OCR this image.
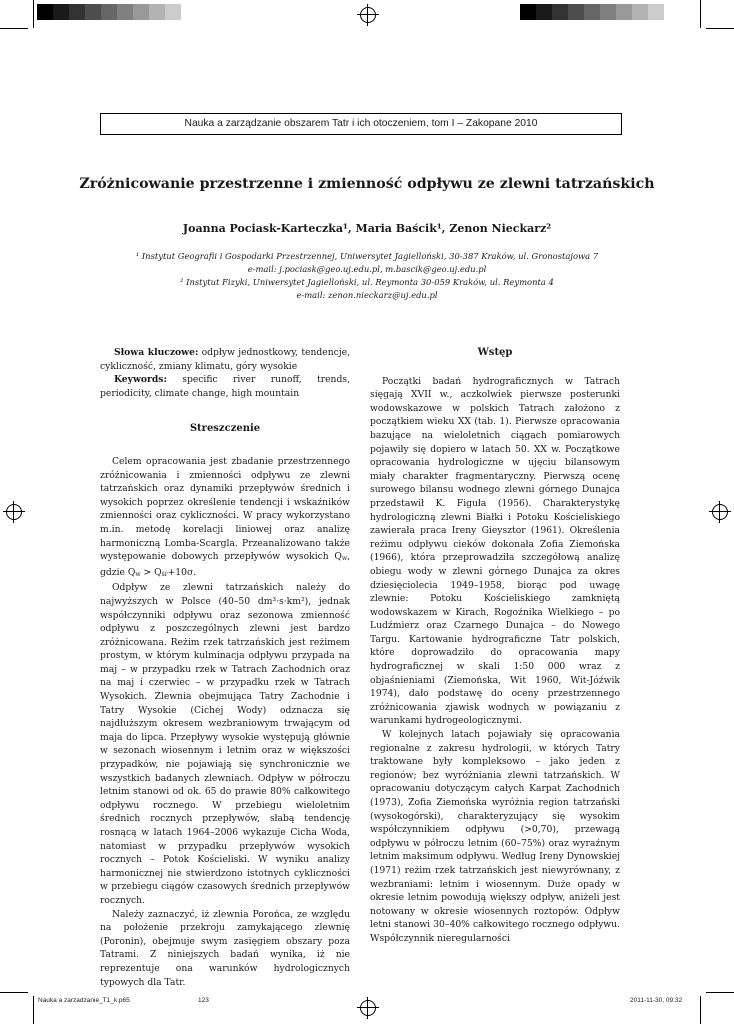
Nauka a zarządzanie obszarem Tatr i ich otoczeniem, tom I – Zakopane 2010
Zróżnicowanie przestrzenne i zmienność odpływu ze zlewni tatrzańskich
Joanna Pociask-Karteczka¹, Maria Baścik¹, Zenon Nieckarz²
¹ Instytut Geografii i Gospodarki Przestrzennej, Uniwersytet Jagielloński, 30-387 Kraków, ul. Gronostajowa 7
e-mail: j.pociask@geo.uj.edu.pl, m.bascik@geo.uj.edu.pl
² Instytut Fizyki, Uniwersytet Jagielloński, ul. Reymonta 30-059 Kraków, ul. Reymonta 4
e-mail: zenon.nieckarz@uj.edu.pl

Słowa kluczowe: odpływ jednostkowy, tendencje, cykliczność, zmiany klimatu, góry wysokie

Keywords: specific river runoff, trends, periodicity, climate change, high mountain

Streszczenie

Celem opracowania jest zbadanie przestrzennego zróżnicowania i zmienności odpływu ze zlewni tatrzańskich oraz dynamiki przepływów średnich i wysokich poprzez określenie tendencji i wskaźników zmienności oraz cykliczności. W pracy wykorzystano m.in. metodę korelacji liniowej oraz analizę harmoniczną Lomba-Scargla. Przeanalizowano także występowanie dobowych przepływów wysokich Qw, gdzie Qw > Qśr+10σ.

Odpływ ze zlewni tatrzańskich należy do najwyższych w Polsce (40–50 dm³·s·km²), jednak współczynniki odpływu oraz sezonowa zmienność odpływu z poszczególnych zlewni jest bardzo zróżnicowana. Reżim rzek tatrzańskich jest reżimem prostym, w którym kulminacja odpływu przypada na maj – w przypadku rzek w Tatrach Zachodnich oraz na maj i czerwiec – w przypadku rzek w Tatrach Wysokich. Zlewnia obejmująca Tatry Zachodnie i Tatry Wysokie (Cichej Wody) odznacza się najdłuższym okresem wezbraniowym trwającym od maja do lipca. Przepływy wysokie występują głównie w sezonach wiosennym i letnim oraz w większości przypadków, nie pojawiają się synchronicznie we wszystkich badanych zlewniach. Odpływ w półroczu letnim stanowi od ok. 65 do prawie 80% całkowitego odpływu rocznego. W przebiegu wieloletnim średnich rocznych przepływów, słabą tendencję rosnącą w latach 1964–2006 wykazuje Cicha Woda, natomiast w przypadku przepływów wysokich rocznych – Potok Kościeliski. W wyniku analizy harmonicznej nie stwierdzono istotnych cykliczności w przebiegu ciągów czasowych średnich przepływów rocznych.

Należy zaznaczyć, iż zlewnia Porońca, ze względu na położenie przekroju zamykającego zlewnię (Poronin), obejmuje swym zasięgiem obszary poza Tatrami. Z niniejszych badań wynika, iż nie reprezentuje ona warunków hydrologicznych typowych dla Tatr.

Wstęp

Początki badań hydrograficznych w Tatrach sięgają XVII w., aczkolwiek pierwsze posterunki wodowskazowe w polskich Tatrach założono z początkiem wieku XX (tab. 1). Pierwsze opracowania bazujące na wieloletnich ciągach pomiarowych pojawiły się dopiero w latach 50. XX w. Początkowe opracowania hydrologiczne w ujęciu bilansowym miały charakter fragmentaryczny. Pierwszą ocenę surowego bilansu wodnego zlewni górnego Dunajca przedstawił K. Figuła (1956). Charakterystykę hydrologiczną zlewni Białki i Potoku Kościeliskiego zawierała praca Ireny Gieysztor (1961). Określenia reżimu odpływu cieków dokonała Zofia Ziemońska (1966), która przeprowadziła szczegółową analizę obiegu wody w zlewni górnego Dunajca za okres dziesięciolecia 1949–1958, biorąc pod uwagę zlewnie: Potoku Kościeliskiego zamkniętą wodowskazem w Kirach, Rogoźnika Wielkiego – po Ludźmierz oraz Czarnego Dunajca – do Nowego Targu. Kartowanie hydrograficzne Tatr polskich, które doprowadziło do opracowania mapy hydrograficznej w skali 1:50 000 wraz z objaśnieniami (Ziemońska, Wit 1960, Wit-Jóźwik 1974), dało podstawę do oceny przestrzennego zróżnicowania zjawisk wodnych w powiązaniu z warunkami hydrogeologicznymi.

W kolejnych latach pojawiały się opracowania regionalne z zakresu hydrologii, w których Tatry traktowane były kompleksowo – jako jeden z regionów; bez wyróżniania zlewni tatrzańskich. W opracowaniu dotyczącym całych Karpat Zachodnich (1973), Zofia Ziemońska wyróżnia region tatrzański (wysokogórski), charakteryzujący się wysokim współczynnikiem odpływu (>0,70), przewagą odpływu w półroczu letnim (60–75%) oraz wyraźnym letnim maksimum odpływu. Według Ireny Dynowskiej (1971) reżim rzek tatrzańskich jest niewyrównany, z wezbraniami: letnim i wiosennym. Duże opady w okresie letnim powodują większy odpływ, aniżeli jest notowany w okresie wiosennych roztopów. Odpływ letni stanowi 30–40% całkowitego rocznego odpływu. Współczynnik nieregularności

Nauka a zarzadzanie_T1_k.p65	123	2011-11-30, 09:32
